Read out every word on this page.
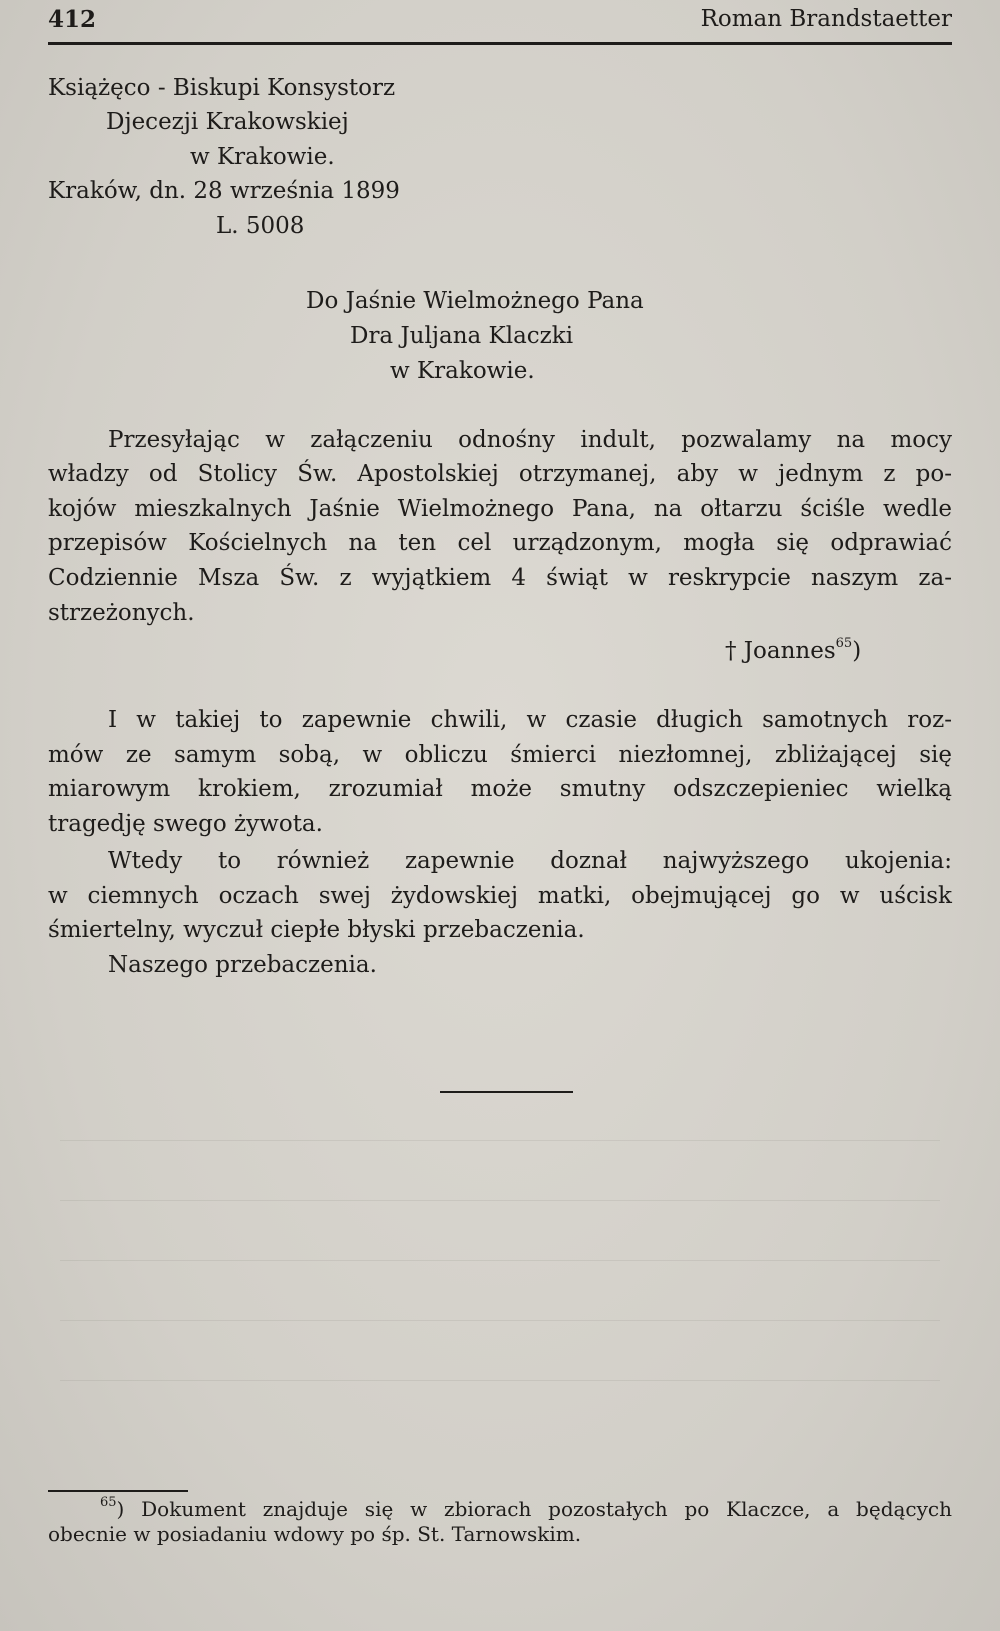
412	Roman Brandstaetter
Książęco - Biskupi Konsystorz
Djecezji Krakowskiej
w Krakowie.
Kraków, dn. 28 września 1899
L. 5008
Do Jaśnie Wielmożnego Pana
Dra Juljana Klaczki
w Krakowie.
Przesyłając w załączeniu odnośny indult, pozwalamy na mocy
władzy od Stolicy Św. Apostolskiej otrzymanej, aby w jednym z po-
kojów mieszkalnych Jaśnie Wielmożnego Pana, na ołtarzu ściśle wedle
przepisów Kościelnych na ten cel urządzonym, mogła się odprawiać
Codziennie Msza Św. z wyjątkiem 4 świąt w reskrypcie naszym za-
strzeżonych.
† Joannes$^{65}$)
I w takiej to zapewnie chwili, w czasie długich samotnych roz-
mów ze samym sobą, w obliczu śmierci niezłomnej, zbliżającej się
miarowym krokiem, zrozumiał może smutny odszczepieniec wielką
tragedję swego żywota.
Wtedy to również zapewnie doznał najwyższego ukojenia:
w ciemnych oczach swej żydowskiej matki, obejmującej go w uścisk
śmiertelny, wyczuł ciepłe błyski przebaczenia.
Naszego przebaczenia.
$^{65}$) Dokument znajduje się w zbiorach pozostałych po Klaczce, a będących
obecnie w posiadaniu wdowy po śp. St. Tarnowskim.
